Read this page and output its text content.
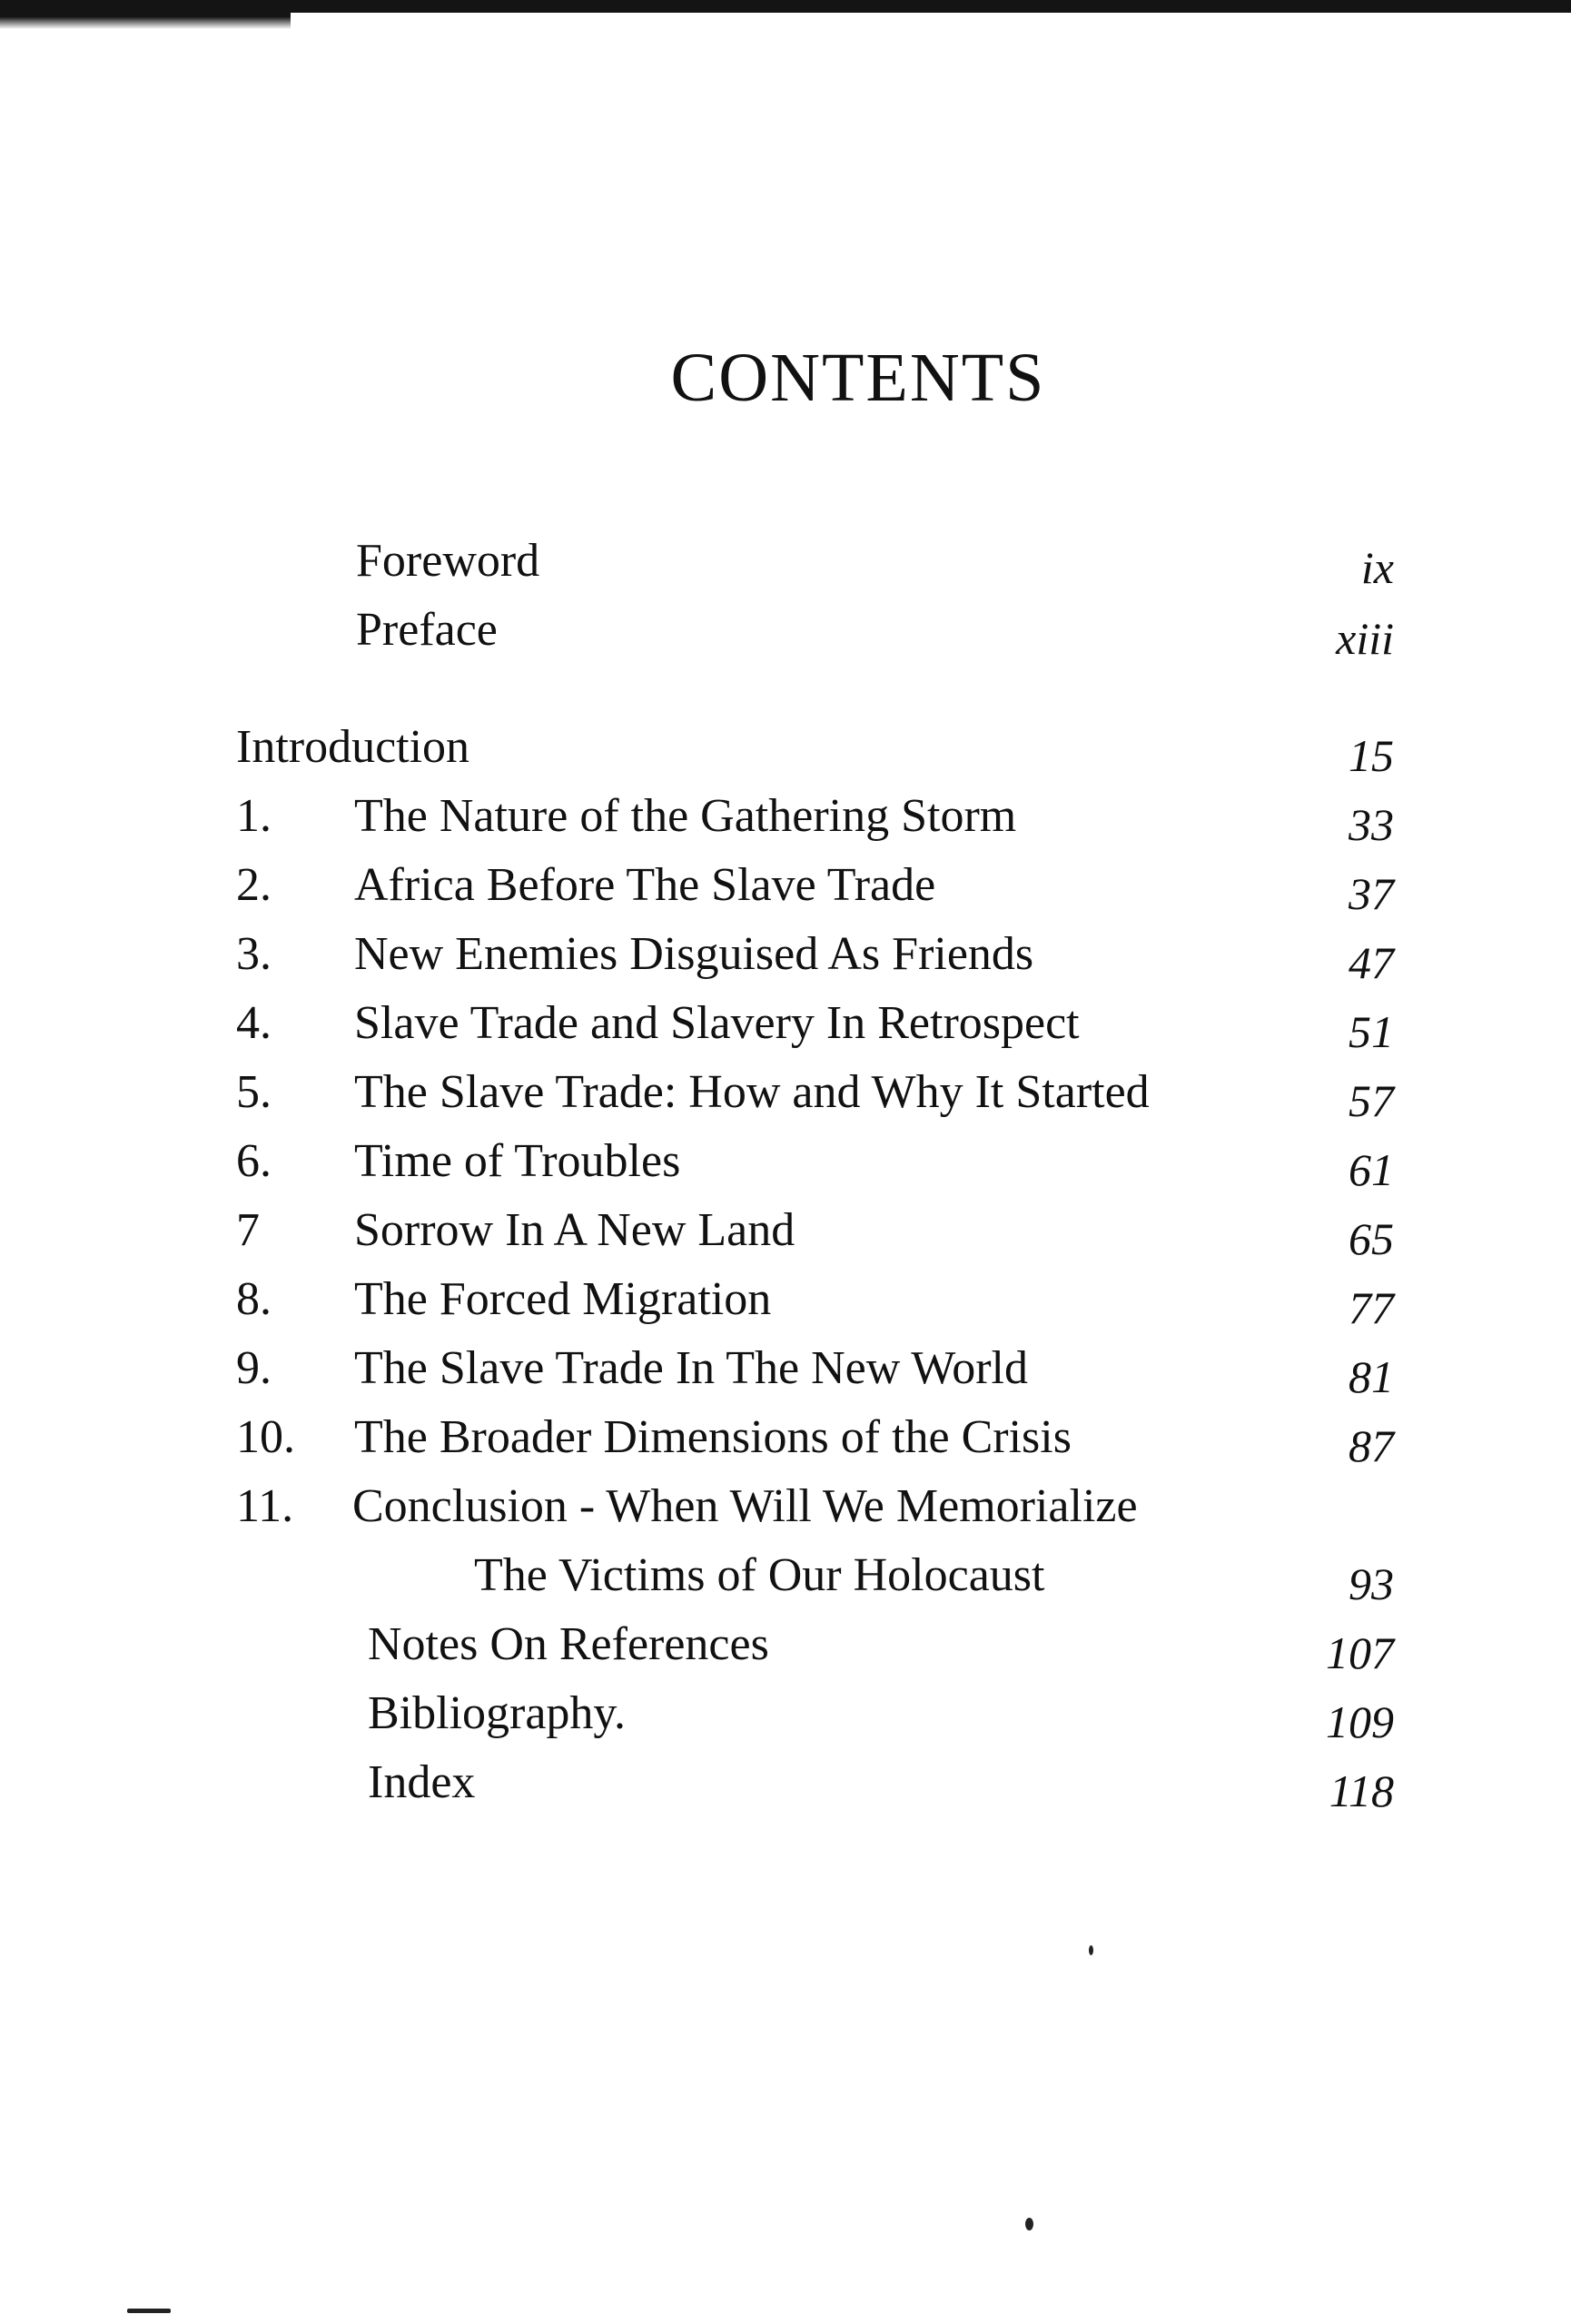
CONTENTS
Foreword	ix
Preface	xiii
Introduction	15
1. The Nature of the Gathering Storm	33
2. Africa Before The Slave Trade	37
3. New Enemies Disguised As Friends	47
4. Slave Trade and Slavery In Retrospect	51
5. The Slave Trade: How and Why It Started	57
6. Time of Troubles	61
7 Sorrow In A New Land	65
8. The Forced Migration	77
9. The Slave Trade In The New World	81
10. The Broader Dimensions of the Crisis	87
11. Conclusion - When Will We Memorialize
The Victims of Our Holocaust	93
Notes On References	107
Bibliography.	109
Index	118
